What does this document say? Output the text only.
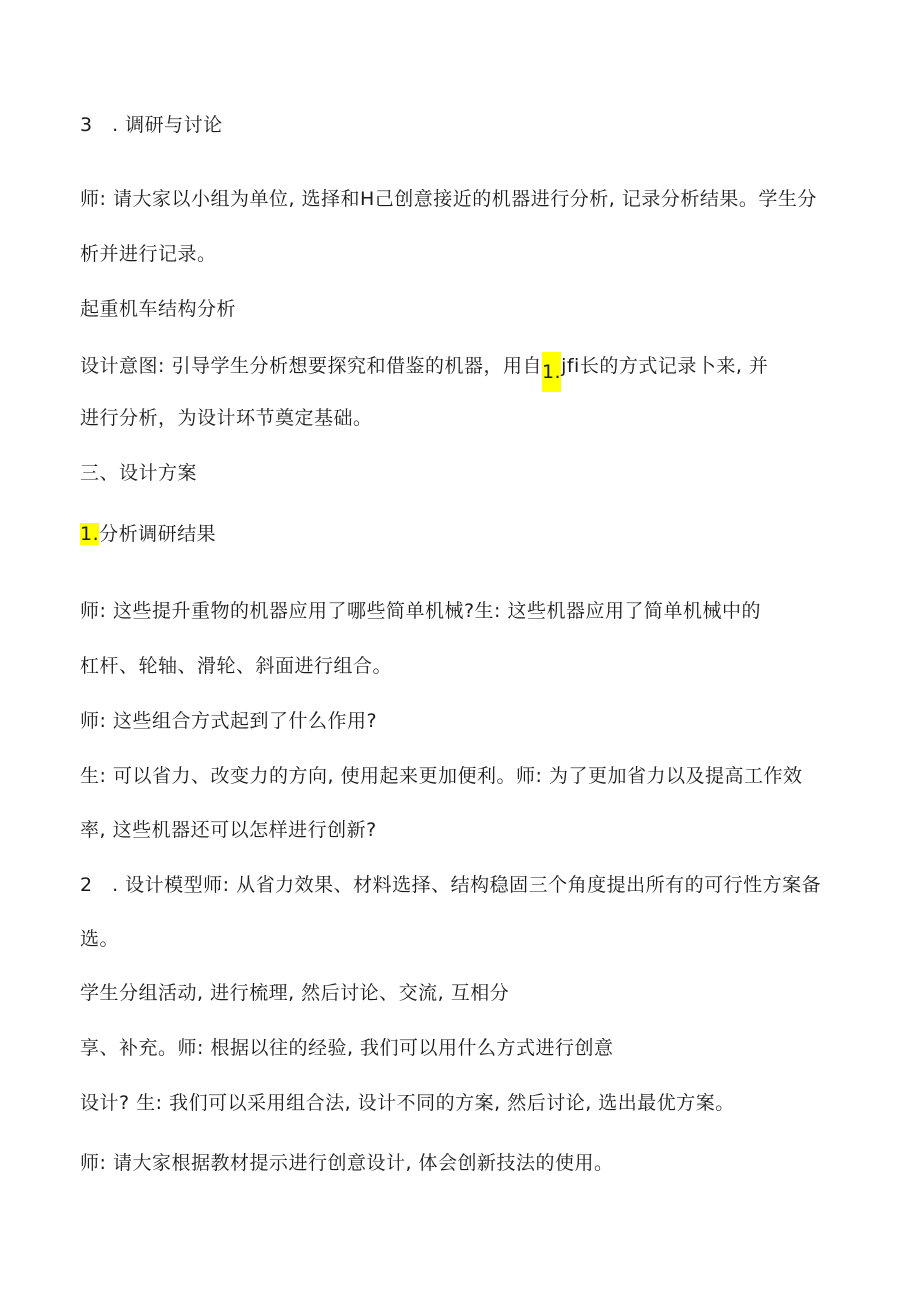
3　. 调研与讨论
师: 请大家以小组为单位, 选择和H己创意接近的机器进行分析, 记录分析结果。学生分
析并进行记录。
起重机车结构分析
设计意图: 引导学生分析想要探究和借鉴的机器，用自1.jfi长的方式记录卜来, 并
进行分析，为设计环节奠定基础。
三、设计方案
1.分析调研结果
师: 这些提升重物的机器应用了哪些简单机械?生: 这些机器应用了简单机械中的
杠杆、轮轴、滑轮、斜面进行组合。
师: 这些组合方式起到了什么作用?
生: 可以省力、改变力的方向, 使用起来更加便利。师: 为了更加省力以及提高工作效
率, 这些机器还可以怎样进行创新?
2　. 设计模型师: 从省力效果、材料选择、结构稳固三个角度提出所有的可行性方案备
选。
学生分组活动, 进行梳理, 然后讨论、交流, 互相分
享、补充。师: 根据以往的经验, 我们可以用什么方式进行创意
设计? 生: 我们可以采用组合法, 设计不同的方案, 然后讨论, 选出最优方案。
师: 请大家根据教材提示进行创意设计, 体会创新技法的使用。
